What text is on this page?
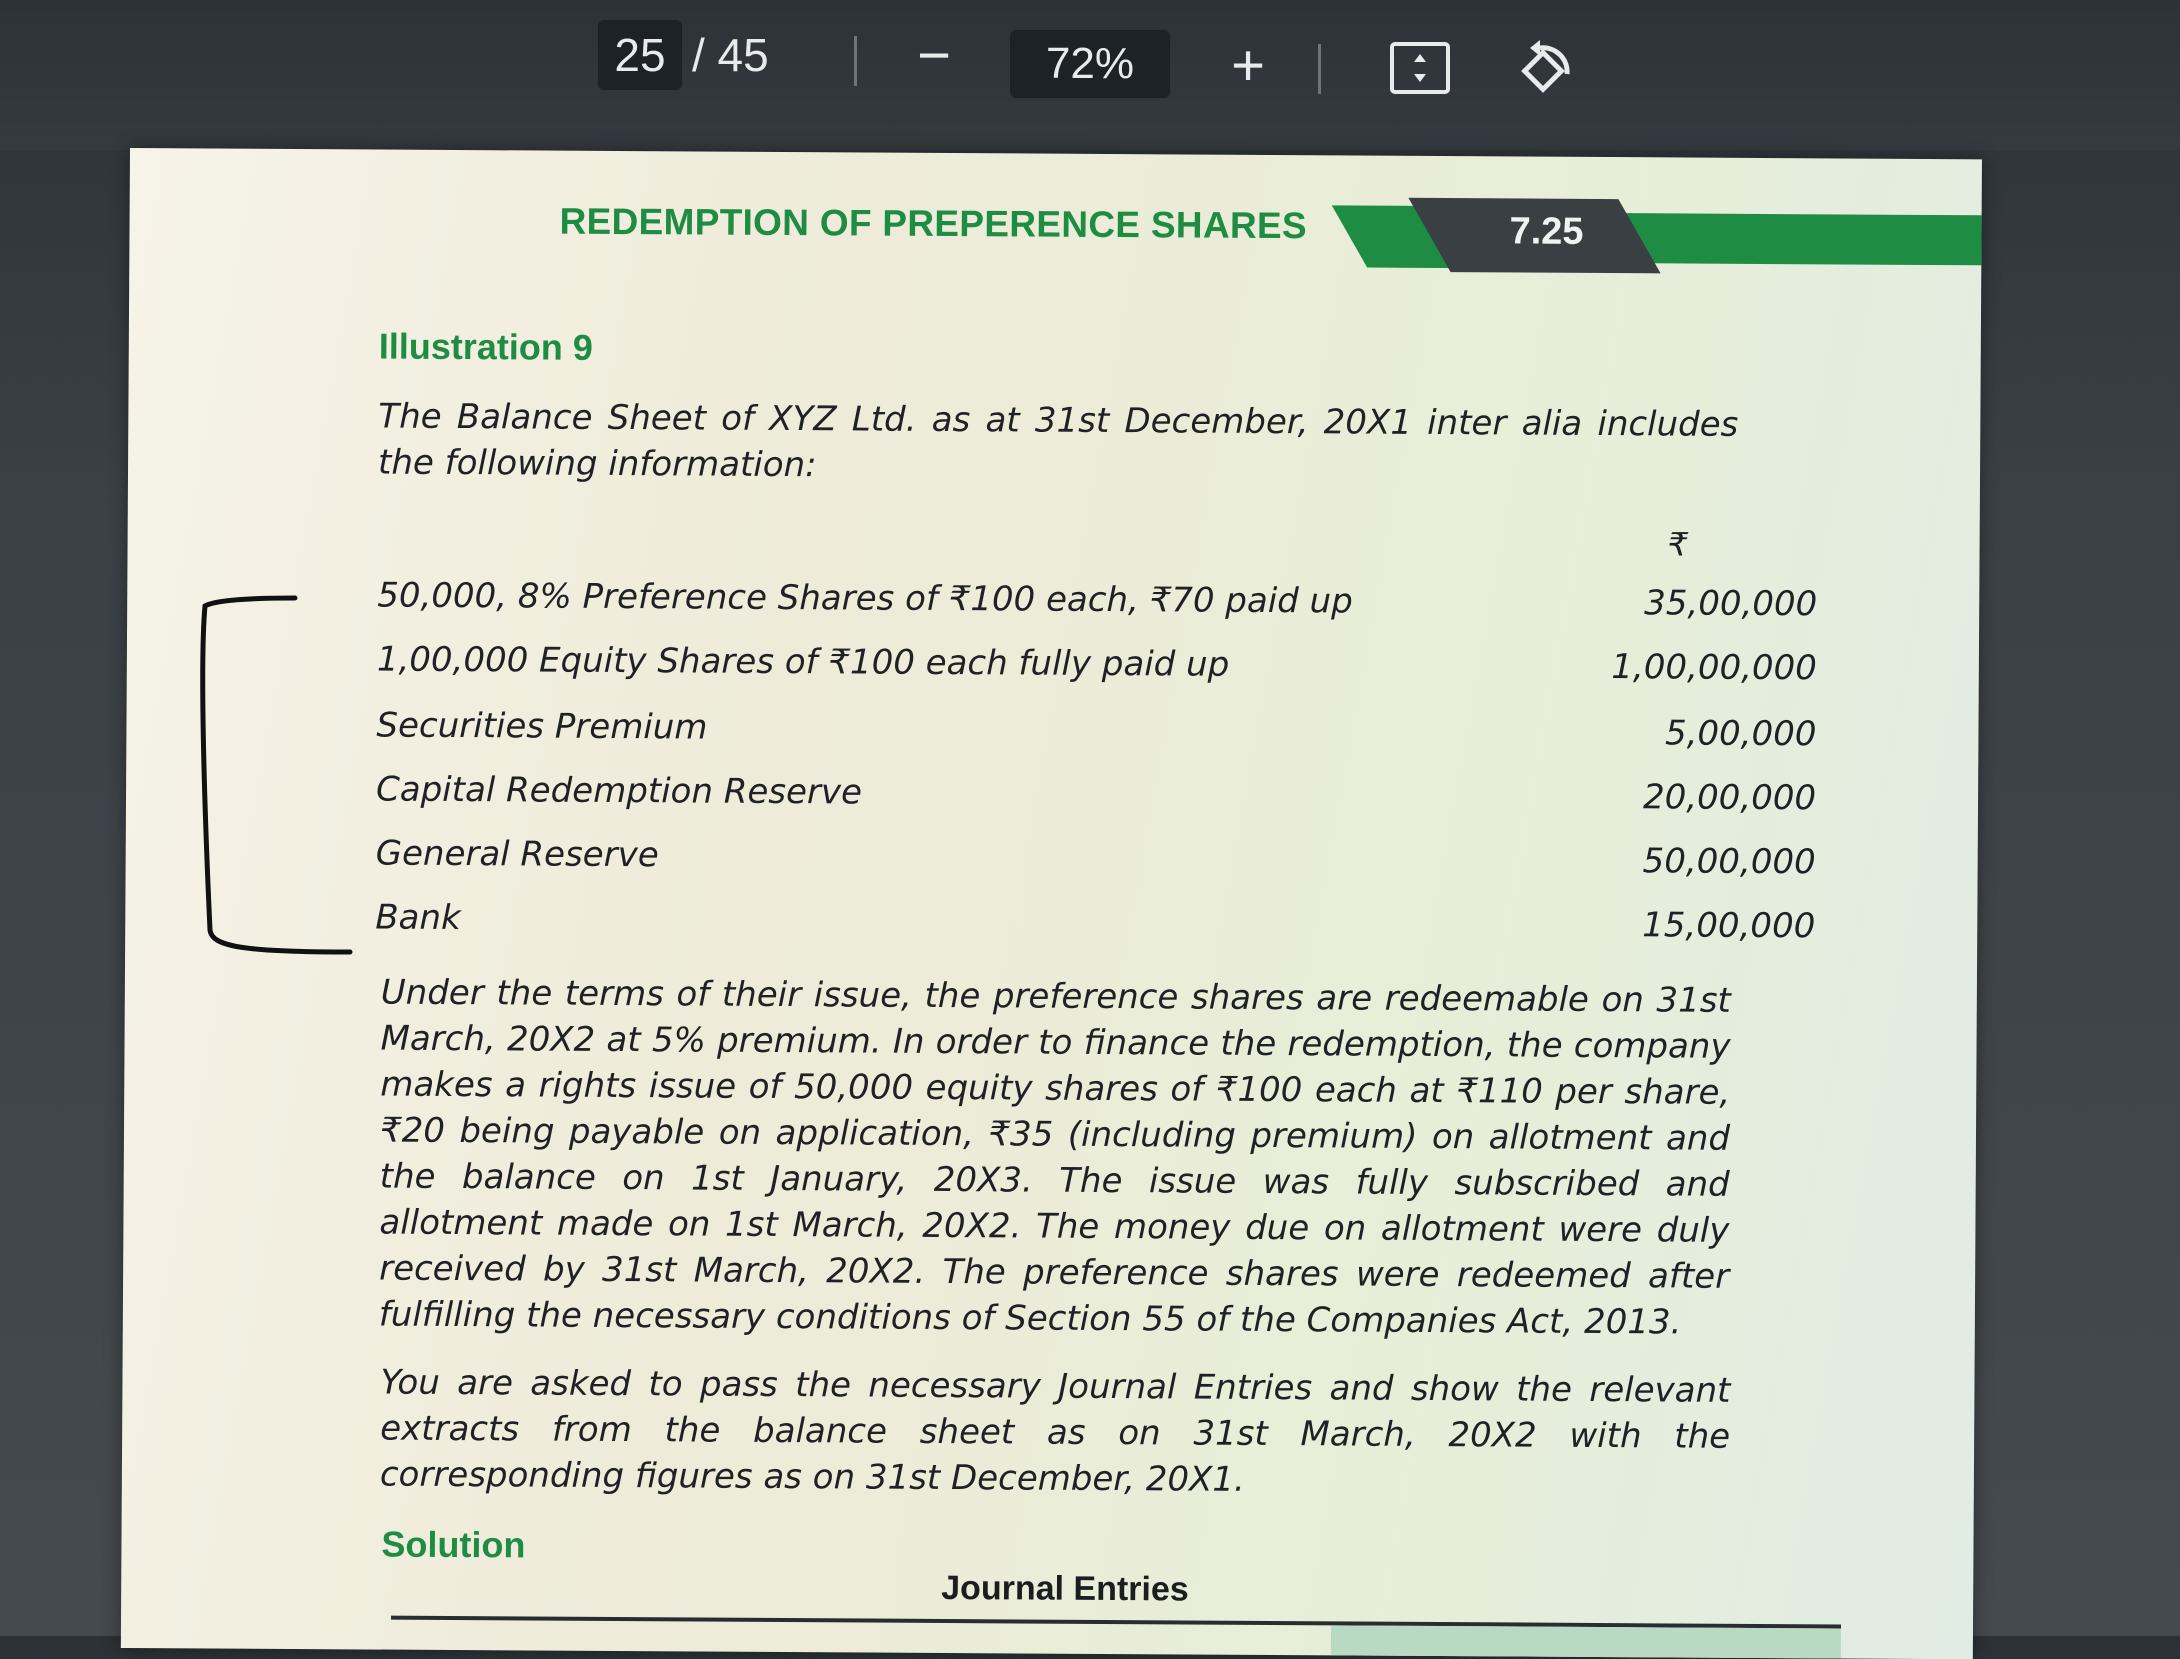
25 / 45	−	72%	+
7.25
REDEMPTION OF PREPERENCE SHARES
Illustration 9
The Balance Sheet of XYZ Ltd. as at 31st December, 20X1 inter alia includes the following information:
₹
50,000, 8% Preference Shares of ₹100 each, ₹70 paid up	35,00,000
1,00,000 Equity Shares of ₹100 each fully paid up	1,00,00,000
Securities Premium	5,00,000
Capital Redemption Reserve	20,00,000
General Reserve	50,00,000
Bank	15,00,000
Under the terms of their issue, the preference shares are redeemable on 31st March, 20X2 at 5% premium. In order to finance the redemption, the company makes a rights issue of 50,000 equity shares of ₹100 each at ₹110 per share, ₹20 being payable on application, ₹35 (including premium) on allotment and the balance on 1st January, 20X3. The issue was fully subscribed and allotment made on 1st March, 20X2. The money due on allotment were duly received by 31st March, 20X2. The preference shares were redeemed after fulfilling the necessary conditions of Section 55 of the Companies Act, 2013.
You are asked to pass the necessary Journal Entries and show the relevant extracts from the balance sheet as on 31st March, 20X2 with the corresponding figures as on 31st December, 20X1.
Solution
Journal Entries
